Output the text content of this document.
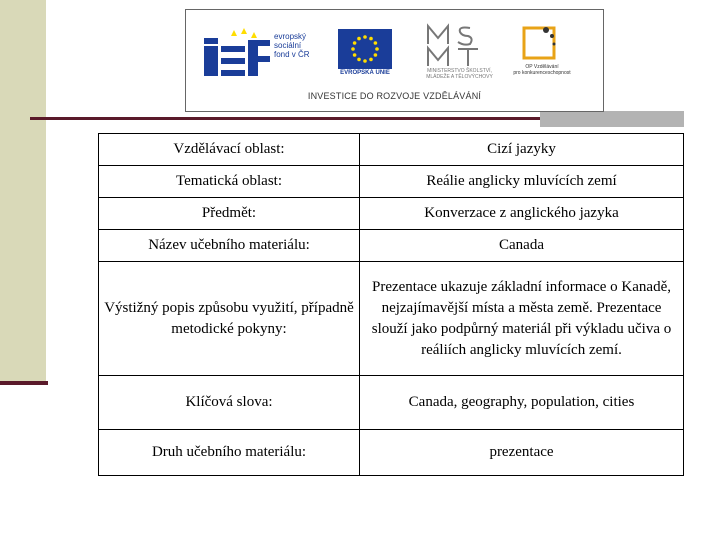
evropský
sociální
fond v ČR
EVROPSKÁ UNIE	MINISTERSTVO ŠKOLSTVÍ,
MLÁDEŽE A TĚLOVÝCHOVY
OP Vzdělávání
pro konkurenceschopnost
INVESTICE DO ROZVOJE VZDĚLÁVÁNÍ
Vzdělávací oblast:	Cizí jazyky
Tematická oblast:	Reálie anglicky mluvících zemí
Předmět:	Konverzace z anglického jazyka
Název učebního materiálu:	Canada
Výstižný popis způsobu využití, případně metodické pokyny:	Prezentace ukazuje základní informace o Kanadě, nejzajímavější místa a města země. Prezentace slouží jako podpůrný materiál při výkladu učiva o reáliích anglicky mluvících zemí.
Klíčová slova:	Canada, geography, population, cities
Druh učebního materiálu:	prezentace
